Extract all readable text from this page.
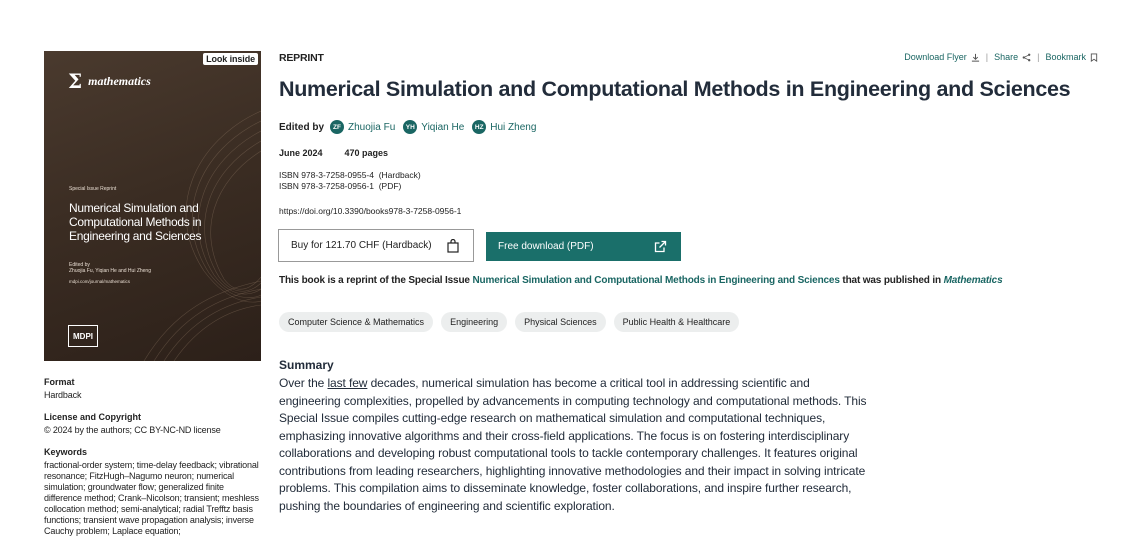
Look inside
Σ mathematics
Special Issue Reprint
Numerical Simulation and Computational Methods in Engineering and Sciences
Edited by
Zhuojia Fu, Yiqian He and Hui Zheng
mdpi.com/journal/mathematics
MDPI
Format
Hardback
License and Copyright
© 2024 by the authors; CC BY-NC-ND license
Keywords
fractional-order system; time-delay feedback; vibrational resonance; FitzHugh–Nagumo neuron; numerical simulation; groundwater flow; generalized finite difference method; Crank–Nicolson; transient; meshless collocation method; semi-analytical; radial Trefftz basis functions; transient wave propagation analysis; inverse Cauchy problem; Laplace equation;
REPRINT	Download Flyer | Share | Bookmark
Numerical Simulation and Computational Methods in Engineering and Sciences
Edited by	ZF Zhuojia Fu	YH Yiqian He	HZ Hui Zheng
June 2024 470 pages
ISBN 978-3-7258-0955-4  (Hardback)
ISBN 978-3-7258-0956-1  (PDF)
https://doi.org/10.3390/books978-3-7258-0956-1
Buy for 121.70 CHF (Hardback)	Free download (PDF)
This book is a reprint of the Special Issue Numerical Simulation and Computational Methods in Engineering and Sciences that was published in Mathematics
Computer Science & Mathematics	Engineering	Physical Sciences	Public Health & Healthcare
Summary
Over the last few decades, numerical simulation has become a critical tool in addressing scientific and engineering complexities, propelled by advancements in computing technology and computational methods. This Special Issue compiles cutting-edge research on mathematical simulation and computational techniques, emphasizing innovative algorithms and their cross-field applications. The focus is on fostering interdisciplinary collaborations and developing robust computational tools to tackle contemporary challenges. It features original contributions from leading researchers, highlighting innovative methodologies and their impact in solving intricate problems. This compilation aims to disseminate knowledge, foster collaborations, and inspire further research, pushing the boundaries of engineering and scientific exploration.
